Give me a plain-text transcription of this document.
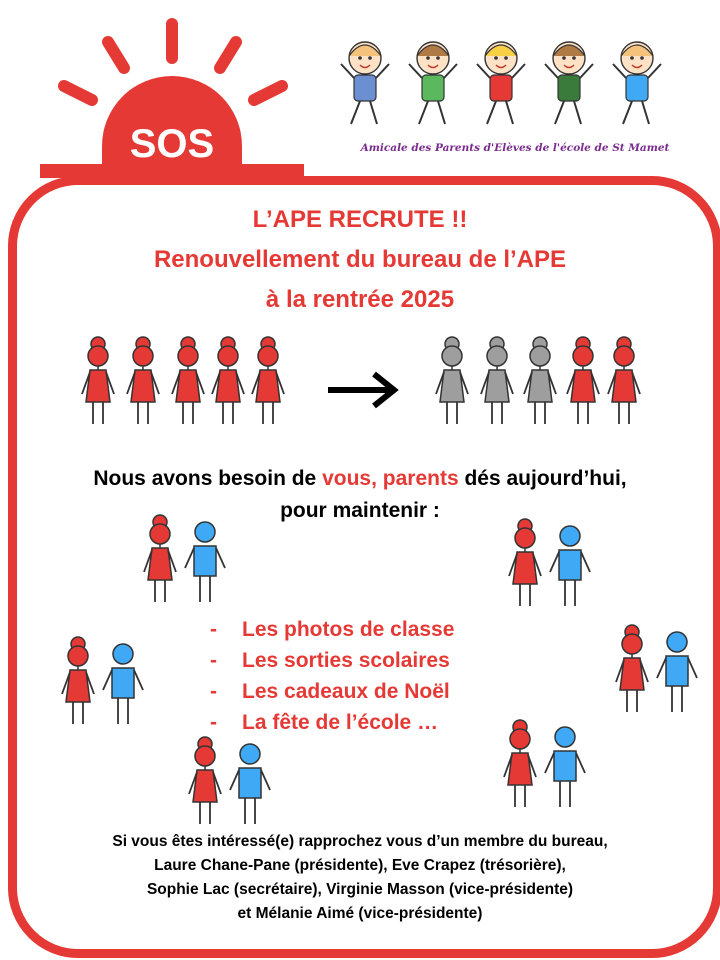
SOS	Amicale des Parents d'Elèves de l'école de St Mamet
L’APE RECRUTE !!
Renouvellement du bureau de l’APE
à la rentrée 2025
Nous avons besoin de vous, parents dés aujourd’hui,
pour maintenir :
- Les photos de classe
- Les sorties scolaires
- Les cadeaux de Noël
- La fête de l’école …
Si vous êtes intéressé(e) rapprochez vous d’un membre du bureau,
Laure Chane-Pane (présidente), Eve Crapez (trésorière),
Sophie Lac (secrétaire), Virginie Masson (vice-présidente)
et Mélanie Aimé (vice-présidente)
